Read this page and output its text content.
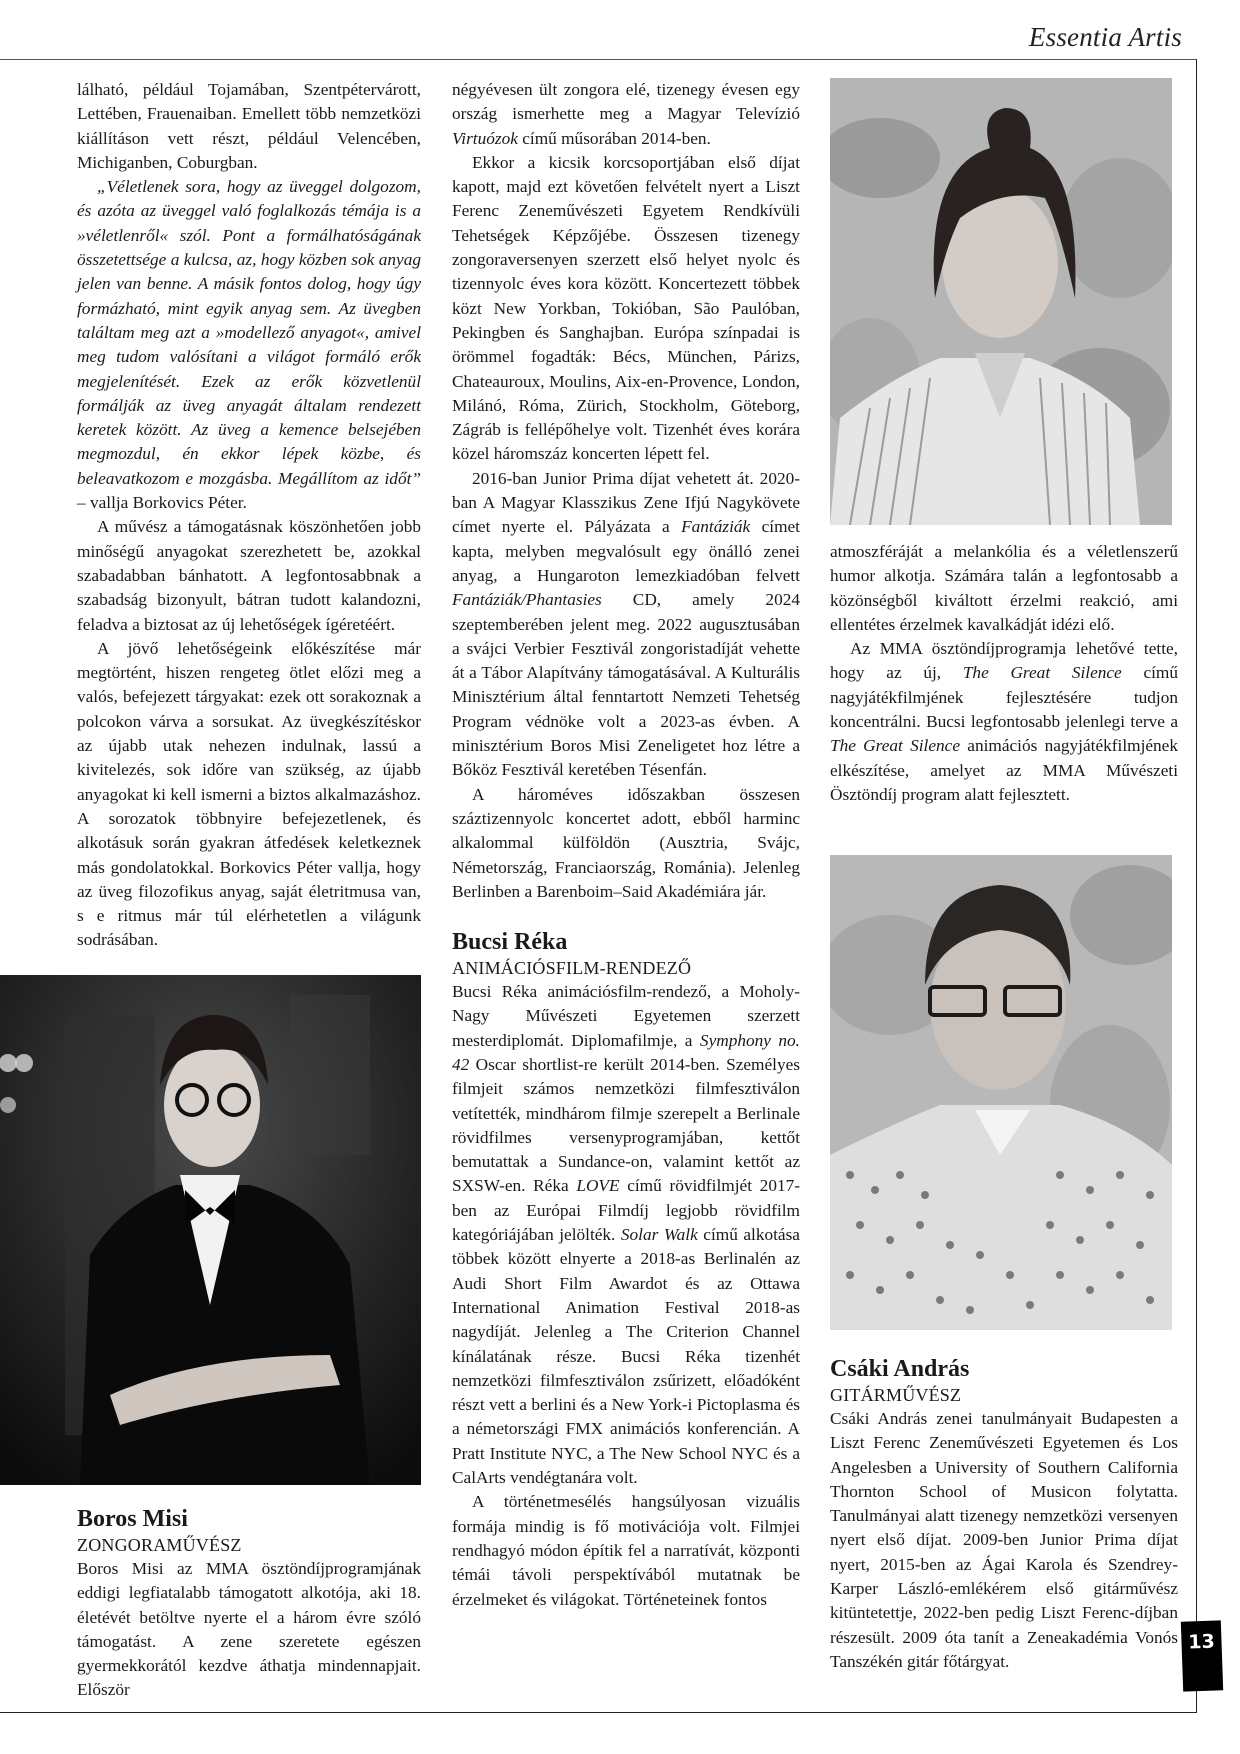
Essentia Artis

lálható, például Tojamában, Szentpétervárott, Lettében, Frauenaiban. Emellett több nemzetközi kiállításon vett részt, például Velencében, Michiganben, Coburgban.

„Véletlenek sora, hogy az üveggel dolgozom, és azóta az üveggel való foglalkozás témája is a »véletlenről« szól. Pont a formálhatóságának összetettsége a kulcsa, az, hogy közben sok anyag jelen van benne. A másik fontos dolog, hogy úgy formázható, mint egyik anyag sem. Az üvegben találtam meg azt a »modellező anyagot«, amivel meg tudom valósítani a világot formáló erők megjelenítését. Ezek az erők közvetlenül formálják az üveg anyagát általam rendezett keretek között. Az üveg a kemence belsejében megmozdul, én ekkor lépek közbe, és beleavatkozom e mozgásba. Megállítom az időt” – vallja Borkovics Péter.

A művész a támogatásnak köszönhetően jobb minőségű anyagokat szerezhetett be, azokkal szabadabban bánhatott. A legfontosabbnak a szabadság bizonyult, bátran tudott kalandozni, feladva a biztosat az új lehetőségek ígéretéért.

A jövő lehetőségeink előkészítése már megtörtént, hiszen rengeteg ötlet előzi meg a valós, befejezett tárgyakat: ezek ott sorakoznak a polcokon várva a sorsukat. Az üvegkészítéskor az újabb utak nehezen indulnak, lassú a kivitelezés, sok időre van szükség, az újabb anyagokat ki kell ismerni a biztos alkalmazáshoz. A sorozatok többnyire befejezetlenek, és alkotásuk során gyakran átfedések keletkeznek más gondolatokkal. Borkovics Péter vallja, hogy az üveg filozofikus anyag, saját életritmusa van, s e ritmus már túl elérhetetlen a világunk sodrásában.

Boros Misi
ZONGORAMŰVÉSZ

Boros Misi az MMA ösztöndíjprogramjának eddigi legfiatalabb támogatott alkotója, aki 18. életévét betöltve nyerte el a három évre szóló támogatást. A zene szeretete egészen gyermekkorától kezdve áthatja mindennapjait. Először

négyévesen ült zongora elé, tizenegy évesen egy ország ismerhette meg a Magyar Televízió Virtuózok című műsorában 2014-ben.

Ekkor a kicsik korcsoportjában első díjat kapott, majd ezt követően felvételt nyert a Liszt Ferenc Zeneművészeti Egyetem Rendkívüli Tehetségek Képzőjébe. Összesen tizenegy zongoraversenyen szerzett első helyet nyolc és tizennyolc éves kora között. Koncertezett többek közt New Yorkban, Tokióban, São Paulóban, Pekingben és Sanghajban. Európa színpadai is örömmel fogadták: Bécs, München, Párizs, Chateauroux, Moulins, Aix-en-Provence, London, Milánó, Róma, Zürich, Stockholm, Göteborg, Zágráb is fellépőhelye volt. Tizenhét éves korára közel háromszáz koncerten lépett fel.

2016-ban Junior Prima díjat vehetett át. 2020-ban A Magyar Klasszikus Zene Ifjú Nagykövete címet nyerte el. Pályázata a Fantáziák címet kapta, melyben megvalósult egy önálló zenei anyag, a Hungaroton lemezkiadóban felvett Fantáziák/Phantasies CD, amely 2024 szeptemberében jelent meg. 2022 augusztusában a svájci Verbier Fesztivál zongoristadíját vehette át a Tábor Alapítvány támogatásával. A Kulturális Minisztérium által fenntartott Nemzeti Tehetség Program védnöke volt a 2023-as évben. A minisztérium Boros Misi Zeneligetet hoz létre a Bőköz Fesztivál keretében Tésenfán.

A hároméves időszakban összesen száztizennyolc koncertet adott, ebből harminc alkalommal külföldön (Ausztria, Svájc, Németország, Franciaország, Románia). Jelenleg Berlinben a Barenboim–Said Akadémiára jár.

Bucsi Réka
ANIMÁCIÓSFILM-RENDEZŐ

Bucsi Réka animációsfilm-rendező, a Moholy-Nagy Művészeti Egyetemen szerzett mesterdiplomát. Diplomafilmje, a Symphony no. 42 Oscar shortlist-re került 2014-ben. Személyes filmjeit számos nemzetközi filmfesztiválon vetítették, mindhárom filmje szerepelt a Berlinale rövidfilmes versenyprogramjában, kettőt bemutattak a Sundance-on, valamint kettőt az SXSW-en. Réka LOVE című rövidfilmjét 2017-ben az Európai Filmdíj legjobb rövidfilm kategóriájában jelölték. Solar Walk című alkotása többek között elnyerte a 2018-as Berlinalén az Audi Short Film Awardot és az Ottawa International Animation Festival 2018-as nagydíját. Jelenleg a The Criterion Channel kínálatának része. Bucsi Réka tizenhét nemzetközi filmfesztiválon zsűrizett, előadóként részt vett a berlini és a New York-i Pictoplasma és a németországi FMX animációs konferencián. A Pratt Institute NYC, a The New School NYC és a CalArts vendégtanára volt.

A történetmesélés hangsúlyosan vizuális formája mindig is fő motivációja volt. Filmjei rendhagyó módon építik fel a narratívát, központi témái távoli perspektívából mutatnak be érzelmeket és világokat. Történeteinek fontos

atmoszféráját a melankólia és a véletlenszerű humor alkotja. Számára talán a legfontosabb a közönségből kiváltott érzelmi reakció, ami ellentétes érzelmek kavalkádját idézi elő.

Az MMA ösztöndíjprogramja lehetővé tette, hogy az új, The Great Silence című nagyjátékfilmjének fejlesztésére tudjon koncentrálni. Bucsi legfontosabb jelenlegi terve a The Great Silence animációs nagyjátékfilmjének elkészítése, amelyet az MMA Művészeti Ösztöndíj program alatt fejlesztett.

Csáki András
GITÁRMŰVÉSZ

Csáki András zenei tanulmányait Budapesten a Liszt Ferenc Zeneművészeti Egyetemen és Los Angelesben a University of Southern California Thornton School of Musicon folytatta. Tanulmányai alatt tizenegy nemzetközi versenyen nyert első díjat. 2009-ben Junior Prima díjat nyert, 2015-ben az Ágai Karola és Szendrey-Karper László-emlékérem első gitárművész kitüntetettje, 2022-ben pedig Liszt Ferenc-díjban részesült. 2009 óta tanít a Zeneakadémia Vonós Tanszékén gitár főtárgyat.

13
